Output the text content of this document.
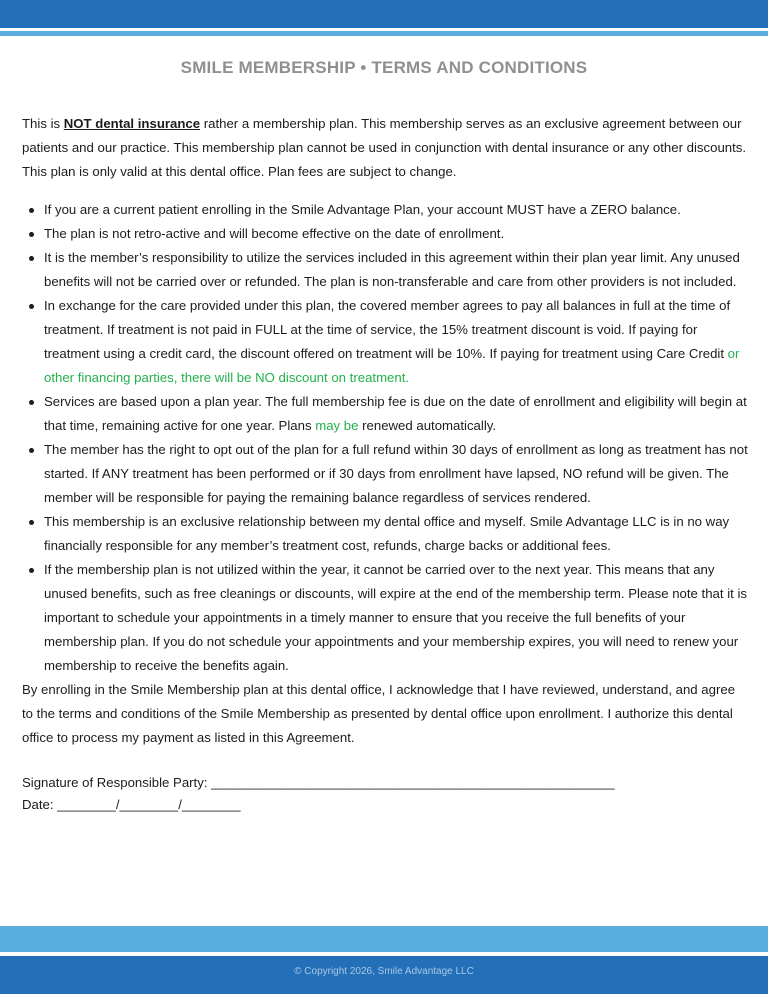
SMILE MEMBERSHIP • TERMS AND CONDITIONS

This is NOT dental insurance rather a membership plan. This membership serves as an exclusive agreement between our patients and our practice. This membership plan cannot be used in conjunction with dental insurance or any other discounts. This plan is only valid at this dental office. Plan fees are subject to change.

If you are a current patient enrolling in the Smile Advantage Plan, your account MUST have a ZERO balance.
The plan is not retro-active and will become effective on the date of enrollment.
It is the member’s responsibility to utilize the services included in this agreement within their plan year limit. Any unused benefits will not be carried over or refunded. The plan is non-transferable and care from other providers is not included.
In exchange for the care provided under this plan, the covered member agrees to pay all balances in full at the time of treatment. If treatment is not paid in FULL at the time of service, the 15% treatment discount is void. If paying for treatment using a credit card, the discount offered on treatment will be 10%. If paying for treatment using Care Credit or other financing parties, there will be NO discount on treatment.
Services are based upon a plan year. The full membership fee is due on the date of enrollment and eligibility will begin at that time, remaining active for one year. Plans may be renewed automatically.
The member has the right to opt out of the plan for a full refund within 30 days of enrollment as long as treatment has not started. If ANY treatment has been performed or if 30 days from enrollment have lapsed, NO refund will be given. The member will be responsible for paying the remaining balance regardless of services rendered.
This membership is an exclusive relationship between my dental office and myself. Smile Advantage LLC is in no way financially responsible for any member’s treatment cost, refunds, charge backs or additional fees.
If the membership plan is not utilized within the year, it cannot be carried over to the next year. This means that any unused benefits, such as free cleanings or discounts, will expire at the end of the membership term. Please note that it is important to schedule your appointments in a timely manner to ensure that you receive the full benefits of your membership plan. If you do not schedule your appointments and your membership expires, you will need to renew your membership to receive the benefits again.

By enrolling in the Smile Membership plan at this dental office, I acknowledge that I have reviewed, understand, and agree to the terms and conditions of the Smile Membership as presented by dental office upon enrollment. I authorize this dental office to process my payment as listed in this Agreement.

Signature of Responsible Party: _______________________________________________________
Date: ________/________/________
© Copyright 2026, Smile Advantage LLC
